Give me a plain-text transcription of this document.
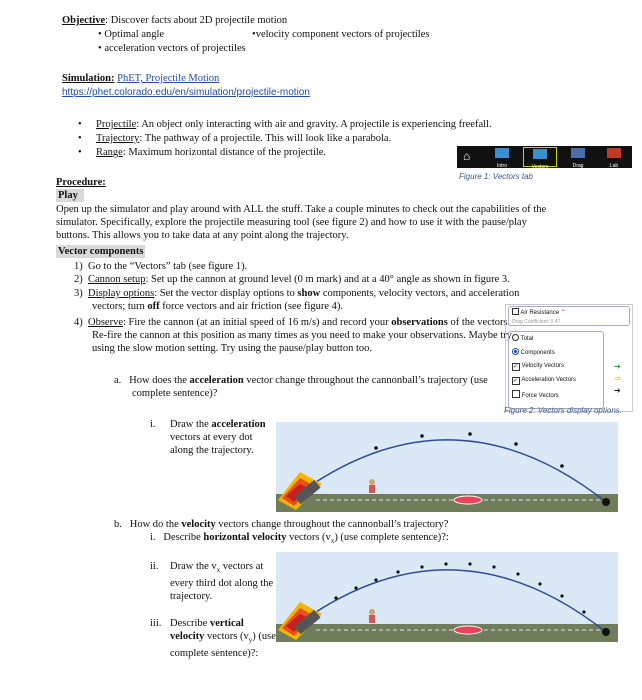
Objective: Discover facts about 2D projectile motion
• Optimal angle	•velocity component vectors of projectiles
• acceleration vectors of projectiles
Simulation: PhET, Projectile Motion
https://phet.colorado.edu/en/simulation/projectile-motion
• Projectile: An object only interacting with air and gravity. A projectile is experiencing freefall.
• Trajectory: The pathway of a projectile. This will look like a parabola.
• Range: Maximum horizontal distance of the projectile.	⌂
Intro	Vectors	Drag	Lab
Figure 1: Vectors tab
Procedure:
Play
Open up the simulator and play around with ALL the stuff. Take a couple minutes to check out the capabilities of the simulator. Specifically, explore the projectile measuring tool (see figure 2) and how to use it with the pause/play buttons. This allows you to take data at any point along the trajectory.
Vector components
1)  Go to the “Vectors” tab (see figure 1).
2)  Cannon setup: Set up the cannon at ground level (0 m mark) and at a 40° angle as shown in figure 3.
3)  Display options: Set the vector display options to show components, velocity vectors, and acceleration vectors; turn off force vectors and air friction (see figure 4).
4)  Observe: Fire the cannon (at an initial speed of 16 m/s) and record your observations of the vectors. Re-fire the cannon at this position as many times as you need to make your observations. Maybe try using the slow motion setting. Try using the pause/play button too.
a. How does the acceleration vector change throughout the cannonball’s trajectory (use complete sentence)?
i. Draw the acceleration vectors at every dot along the trajectory.
Air Resistance ⌃
Drag Coefficient: 0.47
Total
Components
✓ Velocity Vectors
✓ Acceleration Vectors
Force Vectors
➔
⇒
➔
Figure 2: Vectors display options.
b. How do the velocity vectors change throughout the cannonball’s trajectory?
i. Describe horizontal velocity vectors $(v_x)$ (use complete sentence)?:
ii. Draw the $v_x$ vectors at every third dot along the trajectory.
iii. Describe vertical velocity vectors $(v_y)$ (use complete sentence)?:
